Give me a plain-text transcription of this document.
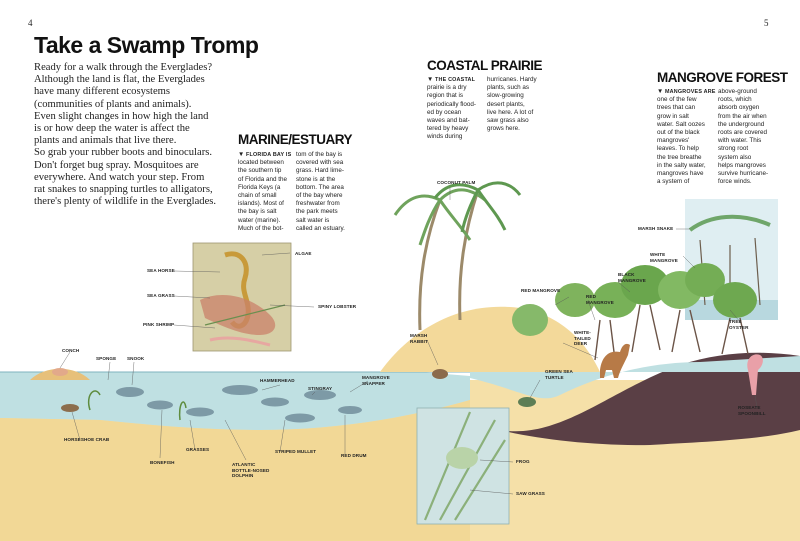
4	5
Take a Swamp Tromp
Ready for a walk through the Everglades?
Although the land is flat, the Everglades
have many different ecosystems
(communities of plants and animals).
Even slight changes in how high the land
is or how deep the water is affect the
plants and animals that live there.
So grab your rubber boots and binoculars.
Don't forget bug spray. Mosquitoes are
everywhere. And watch your step. From
rat snakes to snapping turtles to alligators,
there's plenty of wildlife in the Everglades.
MARINE/ESTUARY
▼ FLORIDA BAY IS
located between
the southern tip
of Florida and the
Florida Keys (a
chain of small
islands). Most of
the bay is salt
water (marine).
Much of the bot-
tom of the bay is
covered with sea
grass. Hard lime-
stone is at the
bottom. The area
of the bay where
freshwater from
the park meets
salt water is
called an estuary.
COASTAL PRAIRIE
▼ THE COASTAL
prairie is a dry
region that is
periodically flood-
ed by ocean
waves and bat-
tered by heavy
winds during
hurricanes. Hardy
plants, such as
slow-growing
desert plants,
live here. A lot of
saw grass also
grows here.
MANGROVE FOREST
▼ MANGROVES ARE
one of the few
trees that can
grow in salt
water. Salt oozes
out of the black
mangroves'
leaves. To help
the tree breathe
in the salty water,
mangroves have
a system of
above-ground
roots, which
absorb oxygen
from the air when
the underground
roots are covered
with water. This
strong root
system also
helps mangroves
survive hurricane-
force winds.
ALGAE
SEA HORSE
SEA GRASS
SPINY LOBSTER
PINK SHRIMP
COCONUT PALM
MARSH SNAKE
WHITE MANGROVE
BLACK MANGROVE
RED MANGROVE
RED MANGROVE
MARSH RABBIT
WHITE-TAILED DEER
GREEN SEA TURTLE
TREE OYSTER
CONCH
SPONGE SNOOK
HAMMERHEAD
STINGRAY
MANGROVE SNAPPER
HORSESHOE CRAB
BONEFISH
GRASSES
ATLANTIC BOTTLE-NOSED DOLPHIN
STRIPED MULLET
RED DRUM
ROSEATE SPOONBILL
FROG
SAW GRASS
